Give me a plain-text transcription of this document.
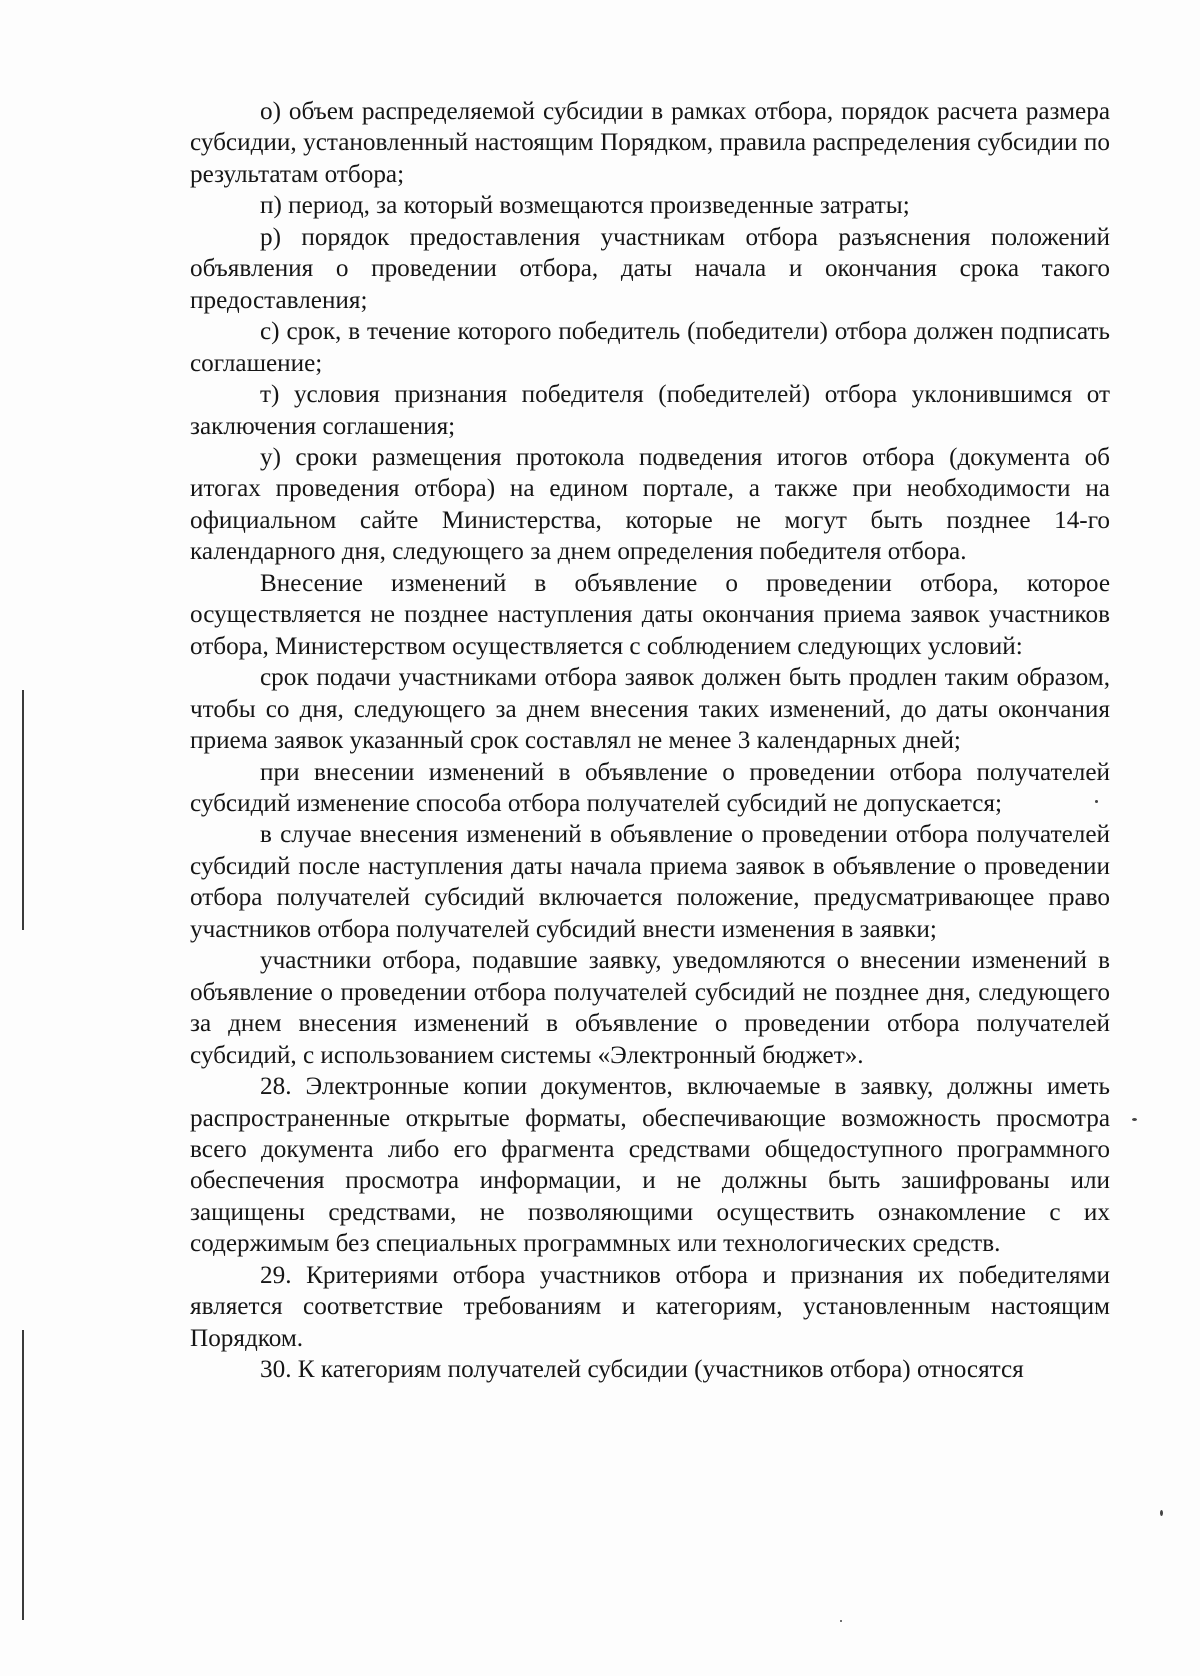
о) объем распределяемой субсидии в рамках отбора, порядок расчета размера субсидии, установленный настоящим Порядком, правила распределения субсидии по результатам отбора;

п) период, за который возмещаются произведенные затраты;

р) порядок предоставления участникам отбора разъяснения положений объявления о проведении отбора, даты начала и окончания срока такого предоставления;

с) срок, в течение которого победитель (победители) отбора должен подписать соглашение;

т) условия признания победителя (победителей) отбора уклонившимся от заключения соглашения;

у) сроки размещения протокола подведения итогов отбора (документа об итогах проведения отбора) на едином портале, а также при необходимости на официальном сайте Министерства, которые не могут быть позднее 14-го календарного дня, следующего за днем определения победителя отбора.

Внесение изменений в объявление о проведении отбора, которое осуществляется не позднее наступления даты окончания приема заявок участников отбора, Министерством осуществляется с соблюдением следующих условий:

срок подачи участниками отбора заявок должен быть продлен таким образом, чтобы со дня, следующего за днем внесения таких изменений, до даты окончания приема заявок указанный срок составлял не менее 3 календарных дней;

при внесении изменений в объявление о проведении отбора получателей субсидий изменение способа отбора получателей субсидий не допускается;

в случае внесения изменений в объявление о проведении отбора получателей субсидий после наступления даты начала приема заявок в объявление о проведении отбора получателей субсидий включается положение, предусматривающее право участников отбора получателей субсидий внести изменения в заявки;

участники отбора, подавшие заявку, уведомляются о внесении изменений в объявление о проведении отбора получателей субсидий не позднее дня, следующего за днем внесения изменений в объявление о проведении отбора получателей субсидий, с использованием системы «Электронный бюджет».

28. Электронные копии документов, включаемые в заявку, должны иметь распространенные открытые форматы, обеспечивающие возможность просмотра всего документа либо его фрагмента средствами общедоступного программного обеспечения просмотра информации, и не должны быть зашифрованы или защищены средствами, не позволяющими осуществить ознакомление с их содержимым без специальных программных или технологических средств.

29. Критериями отбора участников отбора и признания их победителями является соответствие требованиям и категориям, установленным настоящим Порядком.

30. К категориям получателей субсидии (участников отбора) относятся
